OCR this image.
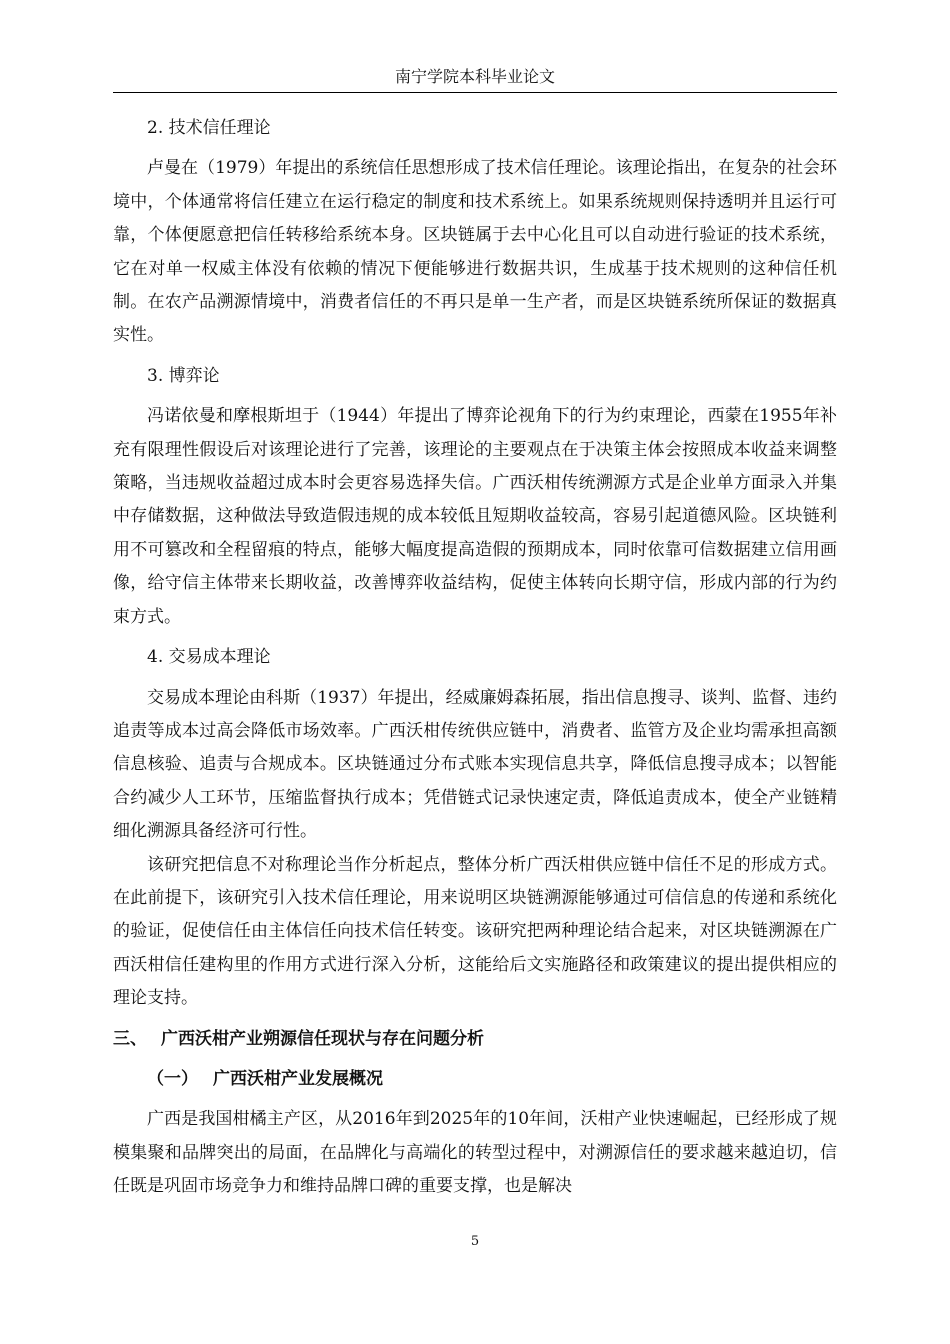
南宁学院本科毕业论文

2. 技术信任理论

卢曼在（1979）年提出的系统信任思想形成了技术信任理论。该理论指出，在复杂的社会环境中，个体通常将信任建立在运行稳定的制度和技术系统上。如果系统规则保持透明并且运行可靠，个体便愿意把信任转移给系统本身。区块链属于去中心化且可以自动进行验证的技术系统，它在对单一权威主体没有依赖的情况下便能够进行数据共识，生成基于技术规则的这种信任机制。在农产品溯源情境中，消费者信任的不再只是单一生产者，而是区块链系统所保证的数据真实性。

3. 博弈论

冯诺依曼和摩根斯坦于（1944）年提出了博弈论视角下的行为约束理论，西蒙在1955年补充有限理性假设后对该理论进行了完善，该理论的主要观点在于决策主体会按照成本收益来调整策略，当违规收益超过成本时会更容易选择失信。广西沃柑传统溯源方式是企业单方面录入并集中存储数据，这种做法导致造假违规的成本较低且短期收益较高，容易引起道德风险。区块链利用不可篡改和全程留痕的特点，能够大幅度提高造假的预期成本，同时依靠可信数据建立信用画像，给守信主体带来长期收益，改善博弈收益结构，促使主体转向长期守信，形成内部的行为约束方式。

4. 交易成本理论

交易成本理论由科斯（1937）年提出，经威廉姆森拓展，指出信息搜寻、谈判、监督、违约追责等成本过高会降低市场效率。广西沃柑传统供应链中，消费者、监管方及企业均需承担高额信息核验、追责与合规成本。区块链通过分布式账本实现信息共享，降低信息搜寻成本；以智能合约减少人工环节，压缩监督执行成本；凭借链式记录快速定责，降低追责成本，使全产业链精细化溯源具备经济可行性。

该研究把信息不对称理论当作分析起点，整体分析广西沃柑供应链中信任不足的形成方式。在此前提下，该研究引入技术信任理论，用来说明区块链溯源能够通过可信信息的传递和系统化的验证，促使信任由主体信任向技术信任转变。该研究把两种理论结合起来，对区块链溯源在广西沃柑信任建构里的作用方式进行深入分析，这能给后文实施路径和政策建议的提出提供相应的理论支持。

三、 广西沃柑产业朔源信任现状与存在问题分析

（一） 广西沃柑产业发展概况

广西是我国柑橘主产区，从2016年到2025年的10年间，沃柑产业快速崛起，已经形成了规模集聚和品牌突出的局面，在品牌化与高端化的转型过程中，对溯源信任的要求越来越迫切，信任既是巩固市场竞争力和维持品牌口碑的重要支撑，也是解决

5
